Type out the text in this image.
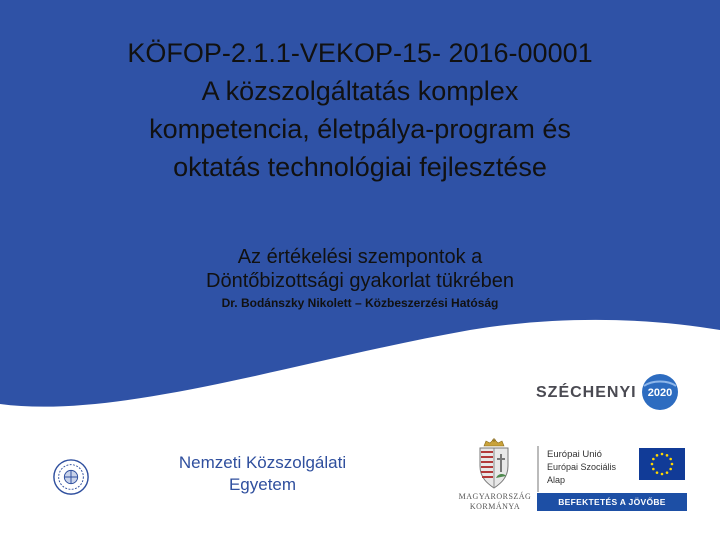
KÖFOP-2.1.1-VEKOP-15- 2016-00001
A közszolgáltatás komplex
kompetencia, életpálya-program és
oktatás technológiai fejlesztése
Az értékelési szempontok a
Döntőbizottsági gyakorlat tükrében
Dr. Bodánszky Nikolett – Közbeszerzési Hatóság
Nemzeti Közszolgálati
Egyetem
SZÉCHENYI 2020
MAGYARORSZÁG
KORMÁNYA
Európai Unió
Európai Szociális
Alap
BEFEKTETÉS A JÖVŐBE
